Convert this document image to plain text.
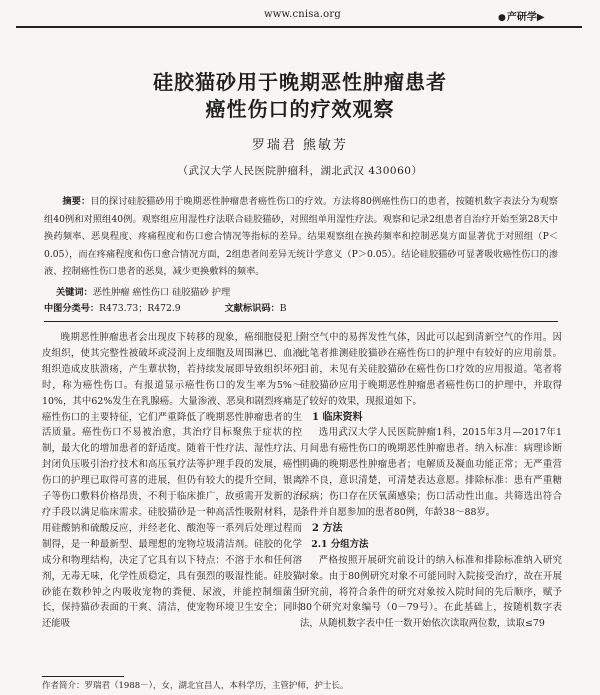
www.cnisa.org	●产研学▶
硅胶猫砂用于晚期恶性肿瘤患者
癌性伤口的疗效观察
罗瑞君 熊敏芳
（武汉大学人民医院肿瘤科，湖北武汉 430060）

摘要：目的探讨硅胶猫砂用于晚期恶性肿瘤患者癌性伤口的疗效。方法将80例癌性伤口的患者，按随机数字表法分为观察组40例和对照组40例。观察组应用湿性疗法联合硅胶猫砂，对照组单用湿性疗法。观察和记录2组患者自治疗开始至第28天中换药频率、恶臭程度、疼痛程度和伤口愈合情况等指标的差异。结果观察组在换药频率和控制恶臭方面显著优于对照组（P＜0.05），而在疼痛程度和伤口愈合情况方面，2组患者间差异无统计学意义（P＞0.05）。结论硅胶猫砂可显著吸收癌性伤口的渗液、控制癌性伤口患者的恶臭，减少更换敷料的频率。

关键词：恶性肿瘤 癌性伤口 硅胶猫砂 护理
中图分类号：R473.73；R472.9	文献标识码：B

晚期恶性肿瘤患者会出现皮下转移的现象，癌细胞侵犯上皮组织，使其完整性被破坏或浸润上皮细胞及周围淋巴、血液组织造成皮肤溃疡，产生蕈状物，若持续发展即导致组织坏死时，称为癌性伤口。有报道显示癌性伤口的发生率为5%～10%，其中62%发生在乳腺癌。大量渗液、恶臭和剧烈疼痛是癌性伤口的主要特征，它们严重降低了晚期恶性肿瘤患者的生活质量。癌性伤口不易被治愈，其治疗目标聚焦于症状的控制，最大化的增加患者的舒适度。随着干性疗法、湿性疗法、封闭负压吸引治疗技术和高压氧疗法等护理手段的发展，癌性伤口的护理已取得可喜的进展，但仍有较大的提升空间，银离子等伤口敷料价格昂贵，不利于临床推广，故亟需开发新的治疗手段以满足临床需求。硅胶猫砂是一种高活性吸附材料，是用硅酸钠和硫酸反应，并经老化、酸泡等一系列后处理过程而制得，是一种最新型、最理想的宠物垃圾清洁剂。硅胶的化学成分和物理结构，决定了它具有以下特点：不溶于水和任何溶剂，无毒无味，化学性质稳定，具有强烈的吸湿性能。硅胶猫砂能在数秒钟之内吸收宠物的粪便、尿液，并能控制细菌生长，保持猫砂表面的干爽、清洁，使宠物环境卫生安全；同时还能吸

附空气中的易挥发性气体，因此可以起到清新空气的作用。因此笔者推测硅胶猫砂在癌性伤口的护理中有较好的应用前景。目前，未见有关硅胶猫砂在癌性伤口疗效的应用报道。笔者将硅胶猫砂应用于晚期恶性肿瘤患者癌性伤口的护理中，并取得了较好的效果，现报道如下。

1 临床资料

选用武汉大学人民医院肿瘤1科，2015年3月—2017年1月间患有癌性伤口的晚期恶性肿瘤患者。纳入标准：病理诊断明确的晚期恶性肿瘤患者；电解质及凝血功能正常；无严重营养不良，意识清楚，可清楚表达意愿。排除标准：患有严重糖尿病；伤口存在厌氧菌感染；伤口活动性出血。共筛选出符合条件并自愿参加的患者80例，年龄38～88岁。

2 方法

2.1 分组方法

严格按照开展研究前设计的纳入标准和排除标准纳入研究对象。由于80例研究对象不可能同时入院接受治疗，故在开展研究前，将符合条件的研究对象按入院时间的先后顺序，赋予80个研究对象编号（0－79号）。在此基础上，按随机数字表法，从随机数字表中任一数开始依次读取两位数，读取≤79

作者简介：罗瑞君（1988－），女，湖北宜昌人，本科学历，主管护师，护士长。
